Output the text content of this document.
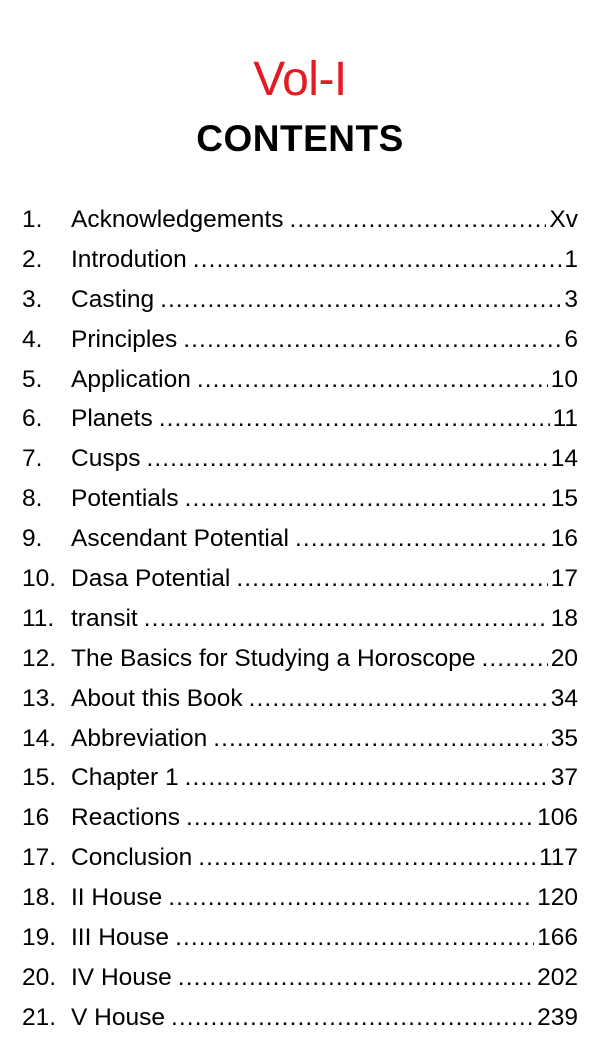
Vol-I
CONTENTS
1.	Acknowledgements .....	Xv
2.	Introdution .....	1
3.	Casting .....	3
4.	Principles .....	6
5.	Application .....	10
6.	Planets .....	11
7.	Cusps .....	14
8.	Potentials .....	15
9.	Ascendant Potential .....	16
10. Dasa Potential .....	17
11. transit .....	18
12. The Basics for Studying a Horoscope .....	20
13. About this Book .....	34
14. Abbreviation .....	35
15. Chapter 1 .....	37
16 Reactions .....	106
17. Conclusion .....	117
18. II House .....	120
19. III House .....	166
20. IV House .....	202
21. V House .....	239
